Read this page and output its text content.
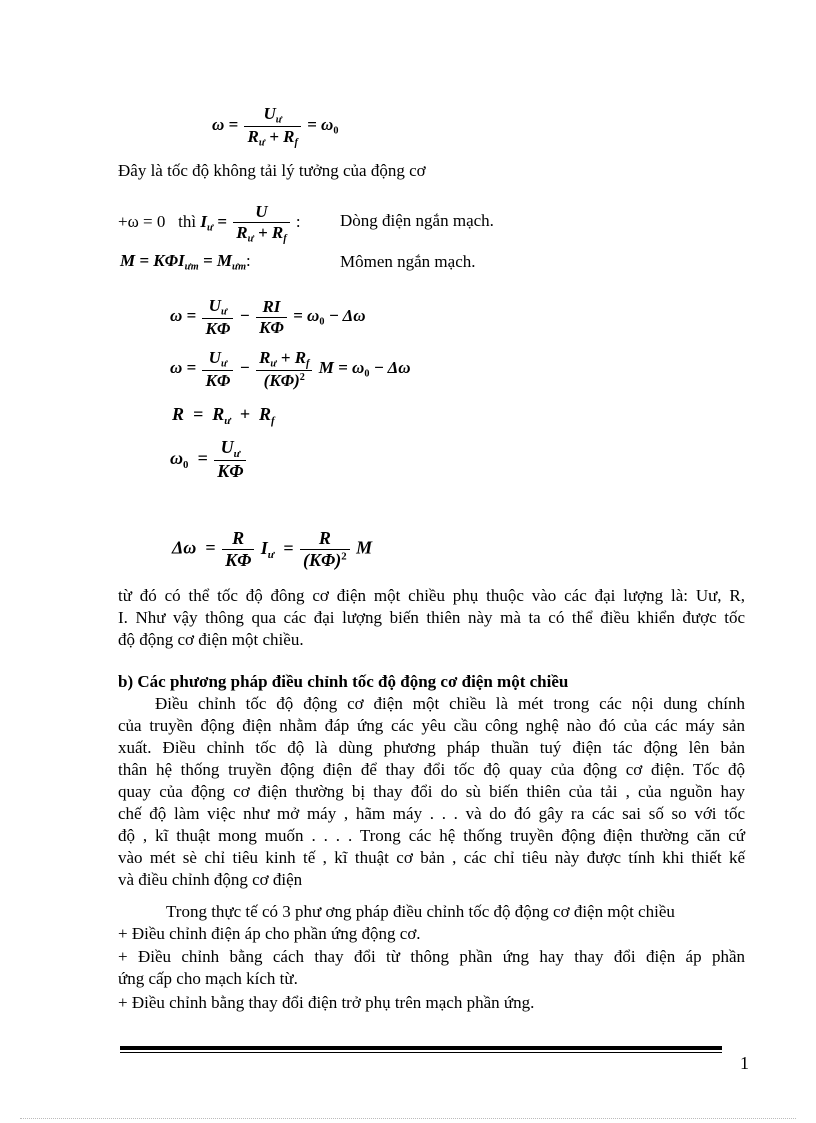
$\omega = \frac{U_ư}{R_ư + R_f} = \omega_0$
Đây là tốc độ không tải lý tưởng của động cơ
+ω = 0   thì $I_ư = \frac{U}{R_ư + R_f}$ : Dòng điện ngắn mạch.
$M = K\Phi I_{ưm} = M_{ưm}$:	Mômen ngắn mạch.
$\omega = \frac{U_ư}{K\Phi} - \frac{RI}{K\Phi} = \omega_0 - \Delta\omega$
$\omega = \frac{U_ư}{K\Phi} - \frac{R_ư + R_f}{(K\Phi)^2}$ $M = \omega_0 - \Delta\omega$
$R = R_ư + R_f$
$\omega_0 = \frac{U_ư}{K\Phi}$
$\Delta\omega = \frac{R}{K\Phi} I_ư = \frac{R}{(K\Phi)^2}$ M
từ đó có thể tốc độ đông cơ điện một chiều phụ thuộc vào các đại lượng là: Uư, R,
I. Như vậy thông qua các đại lượng biến thiên này mà ta có thể điều khiển được tốc
độ động cơ điện một chiều.
b) Các phương pháp điều chỉnh tốc độ động cơ điện một chiều
Điều chỉnh tốc độ động cơ điện một chiều là mét trong các nội dung chính
của truyền động điện nhằm đáp ứng các yêu cầu công nghệ nào đó của các máy sản
xuất. Điều chỉnh tốc độ là dùng phương pháp thuần tuý điện tác động lên bản
thân hệ thống truyền động điện để thay đổi tốc độ quay của động cơ điện. Tốc độ
quay của động cơ điện thường bị thay đổi do sù biến thiên của tải , của nguồn hay
chế độ làm việc như mở máy , hãm máy . . . và do đó gây ra các sai số so với tốc
độ , kĩ thuật mong muốn . . . . Trong các hệ thống truyền động điện thường căn cứ
vào mét sè chỉ tiêu kinh tế , kĩ thuật cơ bản , các chỉ tiêu này được tính khi thiết kế
và điều chỉnh động cơ điện
Trong thực tế có 3 phư ơng pháp điều chỉnh tốc độ động cơ điện một chiều
+ Điều chỉnh điện áp cho phần ứng động cơ.
+ Điều chỉnh bằng cách thay đổi từ thông phần ứng hay thay đổi điện áp phần
ứng cấp cho mạch kích từ.
+ Điều chỉnh bằng thay đổi điện trở phụ trên mạch phần ứng.
1
